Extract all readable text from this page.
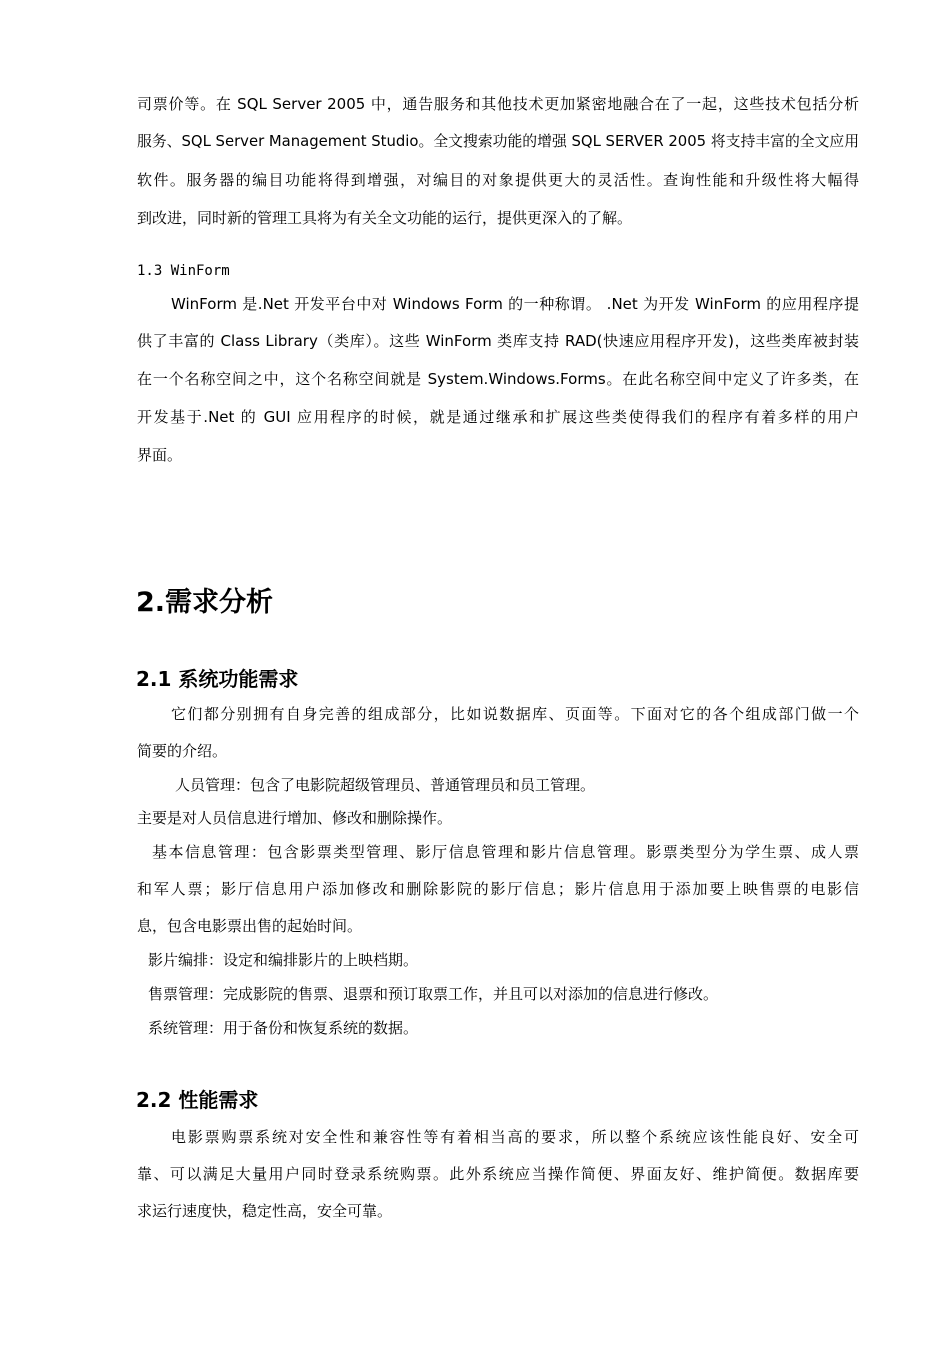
司票价等。在 SQL Server 2005 中，通告服务和其他技术更加紧密地融合在了一起，这些技术包括分析
服务、SQL Server Management Studio。全文搜索功能的增强 SQL SERVER 2005 将支持丰富的全文应用
软件。服务器的编目功能将得到增强，对编目的对象提供更大的灵活性。查询性能和升级性将大幅得
到改进，同时新的管理工具将为有关全文功能的运行，提供更深入的了解。
1.3 WinForm
WinForm 是.Net 开发平台中对 Windows Form 的一种称谓。 .Net 为开发 WinForm 的应用程序提
供了丰富的 Class Library（类库）。这些 WinForm 类库支持 RAD(快速应用程序开发)，这些类库被封装
在一个名称空间之中，这个名称空间就是 System.Windows.Forms。在此名称空间中定义了许多类，在
开发基于.Net 的 GUI 应用程序的时候，就是通过继承和扩展这些类使得我们的程序有着多样的用户
界面。
2.需求分析
2.1 系统功能需求
它们都分别拥有自身完善的组成部分，比如说数据库、页面等。下面对它的各个组成部门做一个
简要的介绍。
人员管理：包含了电影院超级管理员、普通管理员和员工管理。
主要是对人员信息进行增加、修改和删除操作。
基本信息管理：包含影票类型管理、影厅信息管理和影片信息管理。影票类型分为学生票、成人票
和军人票；影厅信息用户添加修改和删除影院的影厅信息；影片信息用于添加要上映售票的电影信
息，包含电影票出售的起始时间。
影片编排：设定和编排影片的上映档期。
售票管理：完成影院的售票、退票和预订取票工作，并且可以对添加的信息进行修改。
系统管理：用于备份和恢复系统的数据。
2.2 性能需求
电影票购票系统对安全性和兼容性等有着相当高的要求，所以整个系统应该性能良好、安全可
靠、可以满足大量用户同时登录系统购票。此外系统应当操作简便、界面友好、维护简便。数据库要
求运行速度快，稳定性高，安全可靠。
